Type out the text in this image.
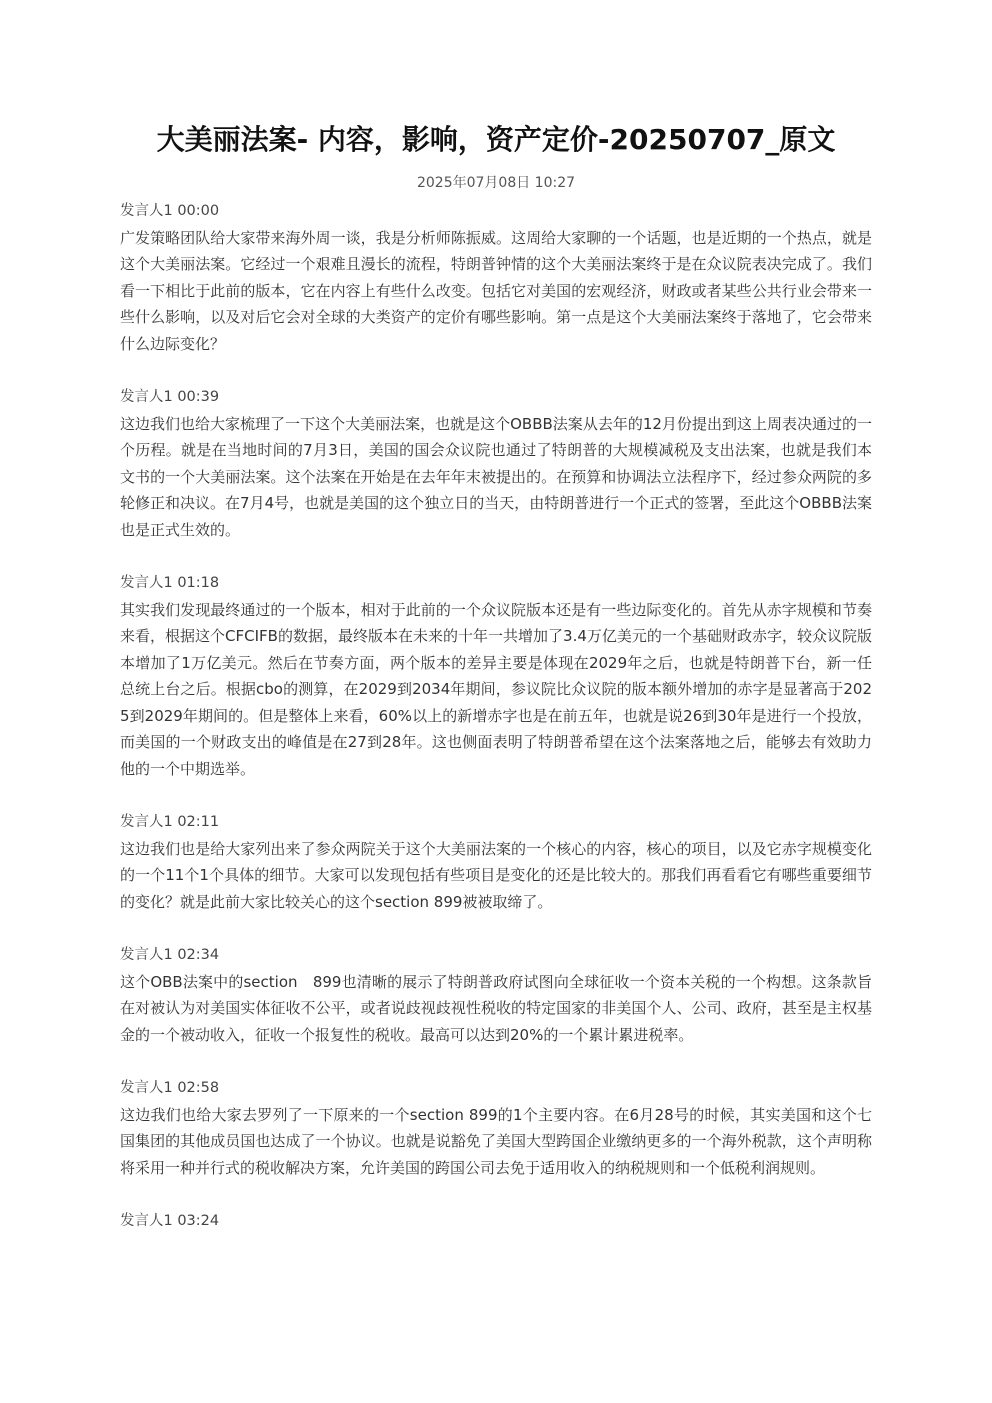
大美丽法案- 内容，影响，资产定价-20250707_原文
2025年07月08日 10:27
发言人1 00:00
广发策略团队给大家带来海外周一谈，我是分析师陈振威。这周给大家聊的一个话题，也是近期的一个热点，就是这个大美丽法案。它经过一个艰难且漫长的流程，特朗普钟情的这个大美丽法案终于是在众议院表决完成了。我们看一下相比于此前的版本，它在内容上有些什么改变。包括它对美国的宏观经济，财政或者某些公共行业会带来一些什么影响，以及对后它会对全球的大类资产的定价有哪些影响。第一点是这个大美丽法案终于落地了，它会带来什么边际变化？
发言人1 00:39
这边我们也给大家梳理了一下这个大美丽法案，也就是这个OBBB法案从去年的12月份提出到这上周表决通过的一个历程。就是在当地时间的7月3日，美国的国会众议院也通过了特朗普的大规模减税及支出法案，也就是我们本文书的一个大美丽法案。这个法案在开始是在去年年末被提出的。在预算和协调法立法程序下，经过参众两院的多轮修正和决议。在7月4号，也就是美国的这个独立日的当天，由特朗普进行一个正式的签署，至此这个OBBB法案也是正式生效的。
发言人1 01:18
其实我们发现最终通过的一个版本，相对于此前的一个众议院版本还是有一些边际变化的。首先从赤字规模和节奏来看，根据这个CFCIFB的数据，最终版本在未来的十年一共增加了3.4万亿美元的一个基础财政赤字，较众议院版本增加了1万亿美元。然后在节奏方面，两个版本的差异主要是体现在2029年之后，也就是特朗普下台，新一任总统上台之后。根据cbo的测算，在2029到2034年期间，参议院比众议院的版本额外增加的赤字是显著高于2025到2029年期间的。但是整体上来看，60%以上的新增赤字也是在前五年，也就是说26到30年是进行一个投放，而美国的一个财政支出的峰值是在27到28年。这也侧面表明了特朗普希望在这个法案落地之后，能够去有效助力他的一个中期选举。
发言人1 02:11
这边我们也是给大家列出来了参众两院关于这个大美丽法案的一个核心的内容，核心的项目，以及它赤字规模变化的一个11个1个具体的细节。大家可以发现包括有些项目是变化的还是比较大的。那我们再看看它有哪些重要细节的变化？就是此前大家比较关心的这个section 899被被取缔了。
发言人1 02:34
这个OBB法案中的section　899也清晰的展示了特朗普政府试图向全球征收一个资本关税的一个构想。这条款旨在对被认为对美国实体征收不公平，或者说歧视歧视性税收的特定国家的非美国个人、公司、政府，甚至是主权基金的一个被动收入，征收一个报复性的税收。最高可以达到20%的一个累计累进税率。
发言人1 02:58
这边我们也给大家去罗列了一下原来的一个section 899的1个主要内容。在6月28号的时候，其实美国和这个七国集团的其他成员国也达成了一个协议。也就是说豁免了美国大型跨国企业缴纳更多的一个海外税款，这个声明称将采用一种并行式的税收解决方案，允许美国的跨国公司去免于适用收入的纳税规则和一个低税利润规则。
发言人1 03:24
